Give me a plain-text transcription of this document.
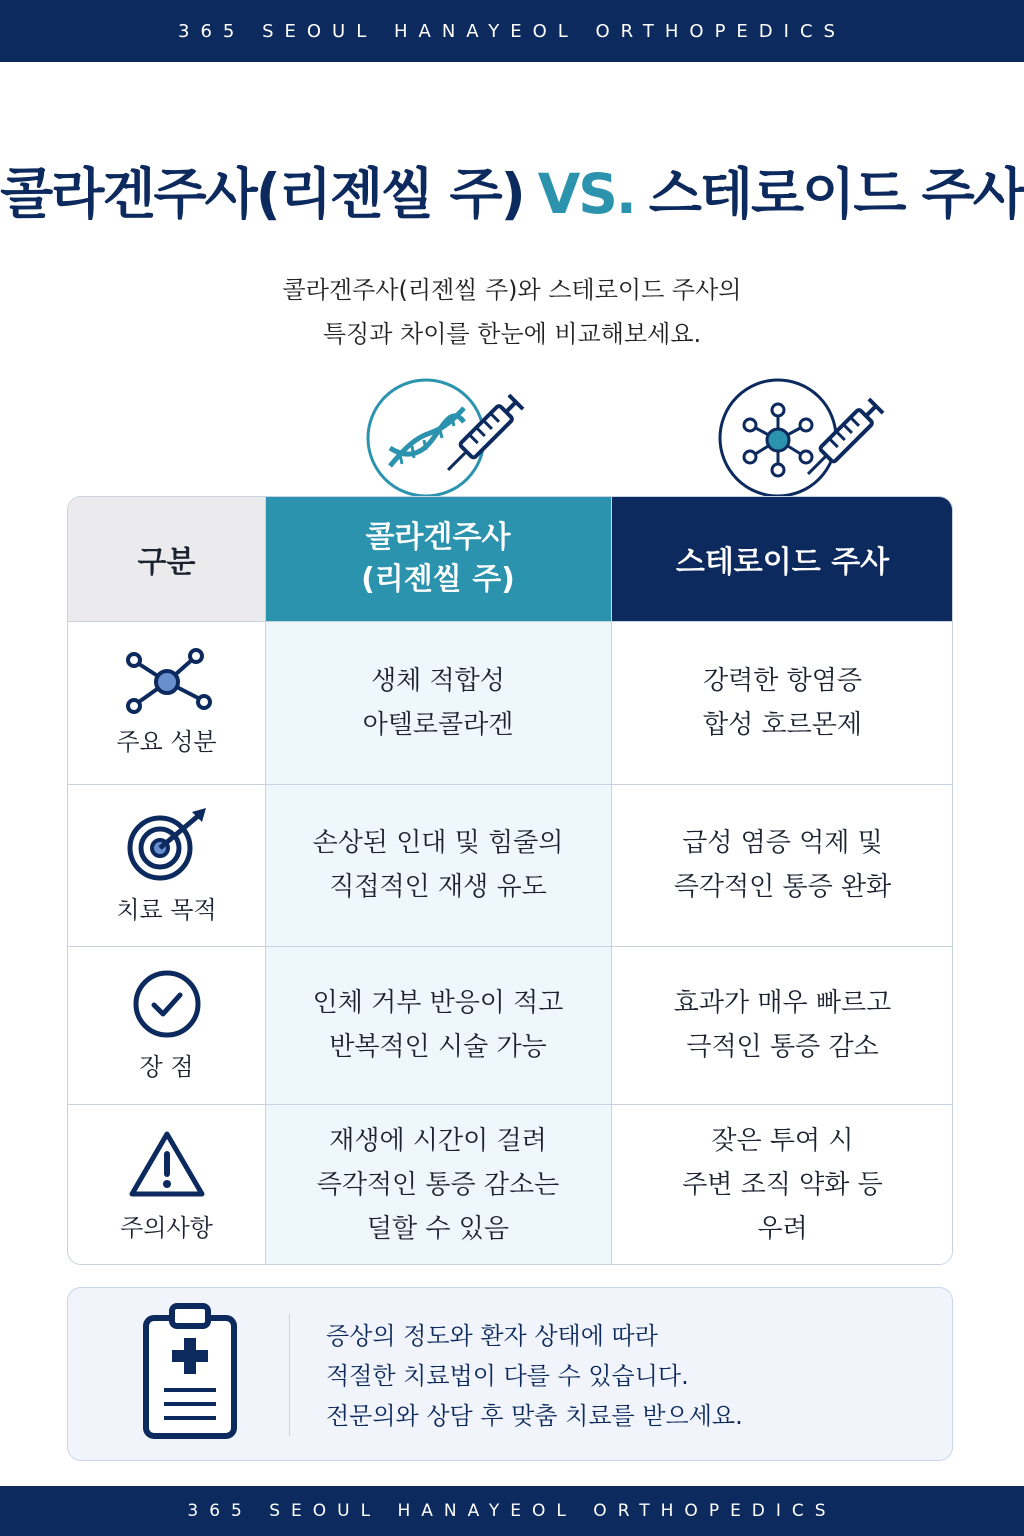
365 SEOUL HANAYEOL ORTHOPEDICS
콜라겐주사(리젠씰 주) VS. 스테로이드 주사
콜라겐주사(리젠씰 주)와 스테로이드 주사의
특징과 차이를 한눈에 비교해보세요.
구분
콜라겐주사
(리젠씰 주)	스테로이드 주사
주요 성분
생체 적합성
아텔로콜라겐
강력한 항염증
합성 호르몬제
치료 목적
손상된 인대 및 힘줄의
직접적인 재생 유도
급성 염증 억제 및
즉각적인 통증 완화
장 점
인체 거부 반응이 적고
반복적인 시술 가능
효과가 매우 빠르고
극적인 통증 감소
주의사항
재생에 시간이 걸려
즉각적인 통증 감소는
덜할 수 있음
잦은 투여 시
주변 조직 약화 등
우려
증상의 정도와 환자 상태에 따라
적절한 치료법이 다를 수 있습니다.
전문의와 상담 후 맞춤 치료를 받으세요.
365 SEOUL HANAYEOL ORTHOPEDICS
